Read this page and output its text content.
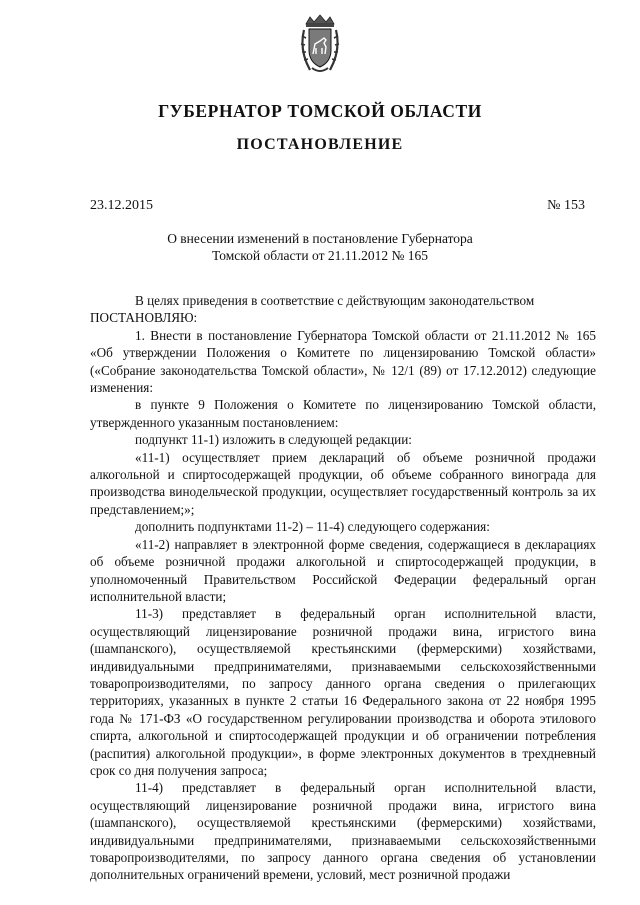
ГУБЕРНАТОР ТОМСКОЙ ОБЛАСТИ
ПОСТАНОВЛЕНИЕ
23.12.2015	№ 153
О внесении изменений в постановление Губернатора
Томской области от 21.11.2012 № 165

В целях приведения в соответствие с действующим законодательством

ПОСТАНОВЛЯЮ:

1. Внести в постановление Губернатора Томской области от 21.11.2012 № 165 «Об утверждении Положения о Комитете по лицензированию Томской области» («Собрание законодательства Томской области», № 12/1 (89) от 17.12.2012) следующие изменения:

в пункте 9 Положения о Комитете по лицензированию Томской области, утвержденного указанным постановлением:

подпункт 11-1) изложить в следующей редакции:

«11-1) осуществляет прием деклараций об объеме розничной продажи алкогольной и спиртосодержащей продукции, об объеме собранного винограда для производства винодельческой продукции, осуществляет государственный контроль за их представлением;»;

дополнить подпунктами 11-2) – 11-4) следующего содержания:

«11-2) направляет в электронной форме сведения, содержащиеся в декларациях об объеме розничной продажи алкогольной и спиртосодержащей продукции, в уполномоченный Правительством Российской Федерации федеральный орган исполнительной власти;

11-3) представляет в федеральный орган исполнительной власти, осуществляющий лицензирование розничной продажи вина, игристого вина (шампанского), осуществляемой крестьянскими (фермерскими) хозяйствами, индивидуальными предпринимателями, признаваемыми сельскохозяйственными товаропроизводителями, по запросу данного органа сведения о прилегающих территориях, указанных в пункте 2 статьи 16 Федерального закона от 22 ноября 1995 года № 171-ФЗ «О государственном регулировании производства и оборота этилового спирта, алкогольной и спиртосодержащей продукции и об ограничении потребления (распития) алкогольной продукции», в форме электронных документов в трехдневный срок со дня получения запроса;

11-4) представляет в федеральный орган исполнительной власти, осуществляющий лицензирование розничной продажи вина, игристого вина (шампанского), осуществляемой крестьянскими (фермерскими) хозяйствами, индивидуальными предпринимателями, признаваемыми сельскохозяйственными товаропроизводителями, по запросу данного органа сведения об установлении дополнительных ограничений времени, условий, мест розничной продажи
